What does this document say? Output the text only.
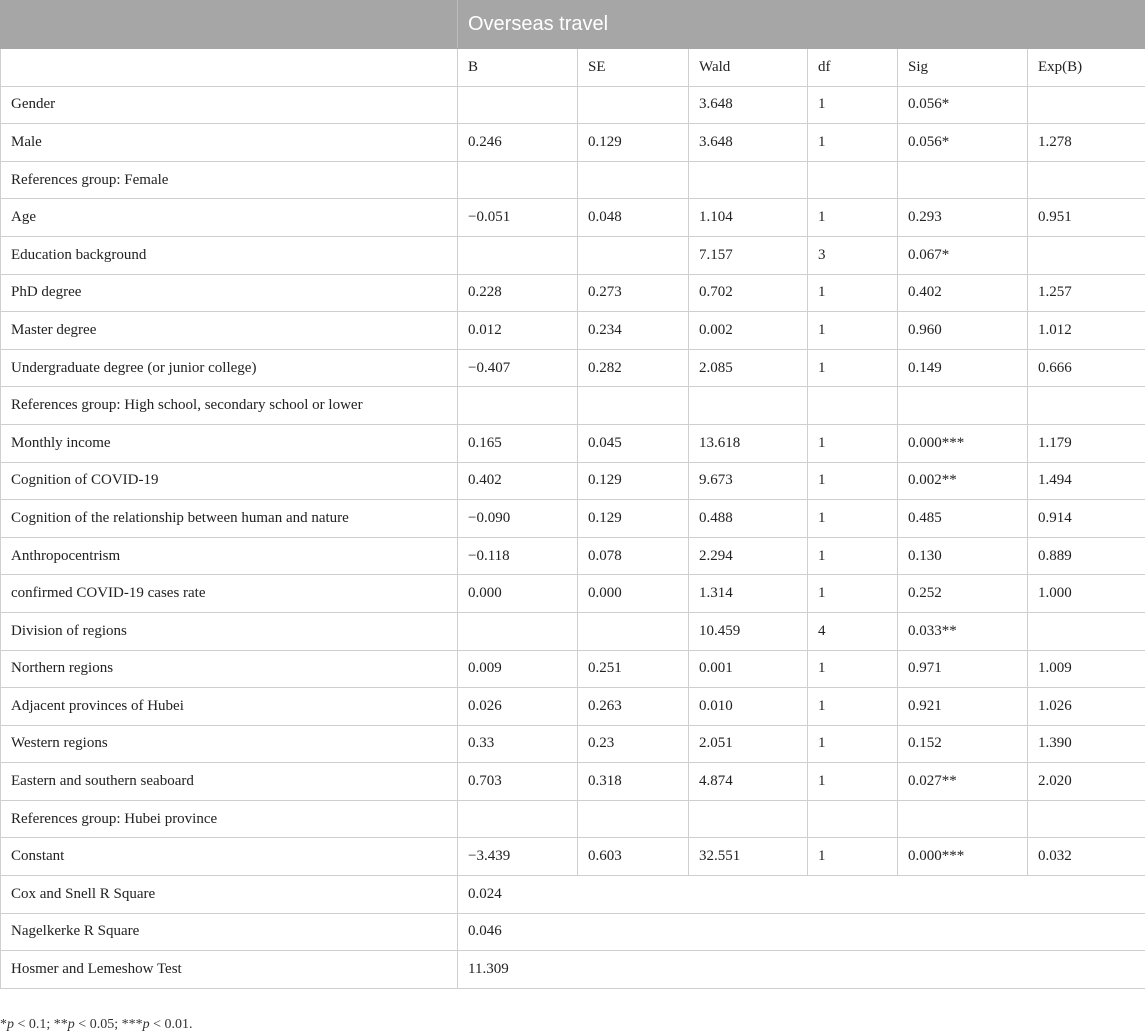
	Overseas travel					
	B	SE	Wald	df	Sig	Exp(B)
Gender			3.648	1	0.056*	
Male	0.246	0.129	3.648	1	0.056*	1.278
References group: Female						
Age	−0.051	0.048	1.104	1	0.293	0.951
Education background			7.157	3	0.067*	
PhD degree	0.228	0.273	0.702	1	0.402	1.257
Master degree	0.012	0.234	0.002	1	0.960	1.012
Undergraduate degree (or junior college)	−0.407	0.282	2.085	1	0.149	0.666
References group: High school, secondary school or lower						
Monthly income	0.165	0.045	13.618	1	0.000***	1.179
Cognition of COVID-19	0.402	0.129	9.673	1	0.002**	1.494
Cognition of the relationship between human and nature	−0.090	0.129	0.488	1	0.485	0.914
Anthropocentrism	−0.118	0.078	2.294	1	0.130	0.889
confirmed COVID-19 cases rate	0.000	0.000	1.314	1	0.252	1.000
Division of regions			10.459	4	0.033**	
Northern regions	0.009	0.251	0.001	1	0.971	1.009
Adjacent provinces of Hubei	0.026	0.263	0.010	1	0.921	1.026
Western regions	0.33	0.23	2.051	1	0.152	1.390
Eastern and southern seaboard	0.703	0.318	4.874	1	0.027**	2.020
References group: Hubei province						
Constant	−3.439	0.603	32.551	1	0.000***	0.032
Cox and Snell R Square	0.024					
Nagelkerke R Square	0.046					
Hosmer and Lemeshow Test	11.309					
*p < 0.1; **p < 0.05; ***p < 0.01.
